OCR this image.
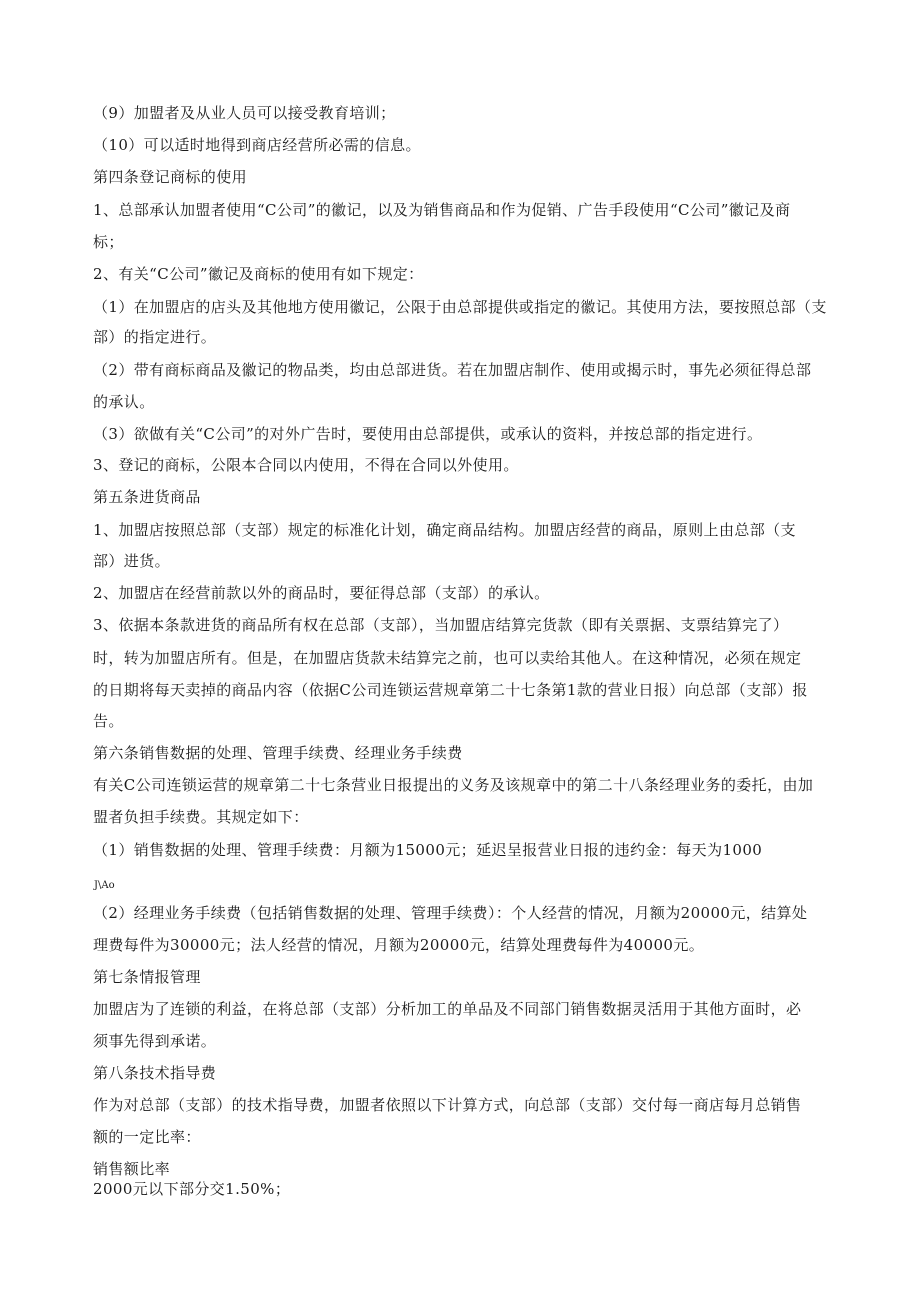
（9）加盟者及从业人员可以接受教育培训；

（10）可以适时地得到商店经营所必需的信息。

第四条登记商标的使用

1、总部承认加盟者使用“C公司”的徽记，以及为销售商品和作为促销、广告手段使用“C公司”徽记及商

标；

2、有关“C公司”徽记及商标的使用有如下规定：

（1）在加盟店的店头及其他地方使用徽记，公限于由总部提供或指定的徽记。其使用方法，要按照总部（支

部）的指定进行。

（2）带有商标商品及徽记的物品类，均由总部进货。若在加盟店制作、使用或揭示时，事先必须征得总部

的承认。

（3）欲做有关“C公司”的对外广告时，要使用由总部提供，或承认的资料，并按总部的指定进行。

3、登记的商标，公限本合同以内使用，不得在合同以外使用。

第五条进货商品

1、加盟店按照总部（支部）规定的标准化计划，确定商品结构。加盟店经营的商品，原则上由总部（支

部）进货。

2、加盟店在经营前款以外的商品时，要征得总部（支部）的承认。

3、依据本条款进货的商品所有权在总部（支部），当加盟店结算完货款（即有关票据、支票结算完了）

时，转为加盟店所有。但是，在加盟店货款未结算完之前，也可以卖给其他人。在这种情况，必须在规定

的日期将每天卖掉的商品内容（依据C公司连锁运营规章第二十七条第1款的营业日报）向总部（支部）报

告。

第六条销售数据的处理、管理手续费、经理业务手续费

有关C公司连锁运营的规章第二十七条营业日报提出的义务及该规章中的第二十八条经理业务的委托，由加

盟者负担手续费。其规定如下：

（1）销售数据的处理、管理手续费：月额为15000元；延迟呈报营业日报的违约金：每天为1000

J\Ao

（2）经理业务手续费（包括销售数据的处理、管理手续费）：个人经营的情况，月额为20000元，结算处

理费每件为30000元；法人经营的情况，月额为20000元，结算处理费每件为40000元。

第七条情报管理

加盟店为了连锁的利益，在将总部（支部）分析加工的单品及不同部门销售数据灵活用于其他方面时，必

须事先得到承诺。

第八条技术指导费

作为对总部（支部）的技术指导费，加盟者依照以下计算方式，向总部（支部）交付每一商店每月总销售

额的一定比率：

销售额比率

2000元以下部分交1.50%；
